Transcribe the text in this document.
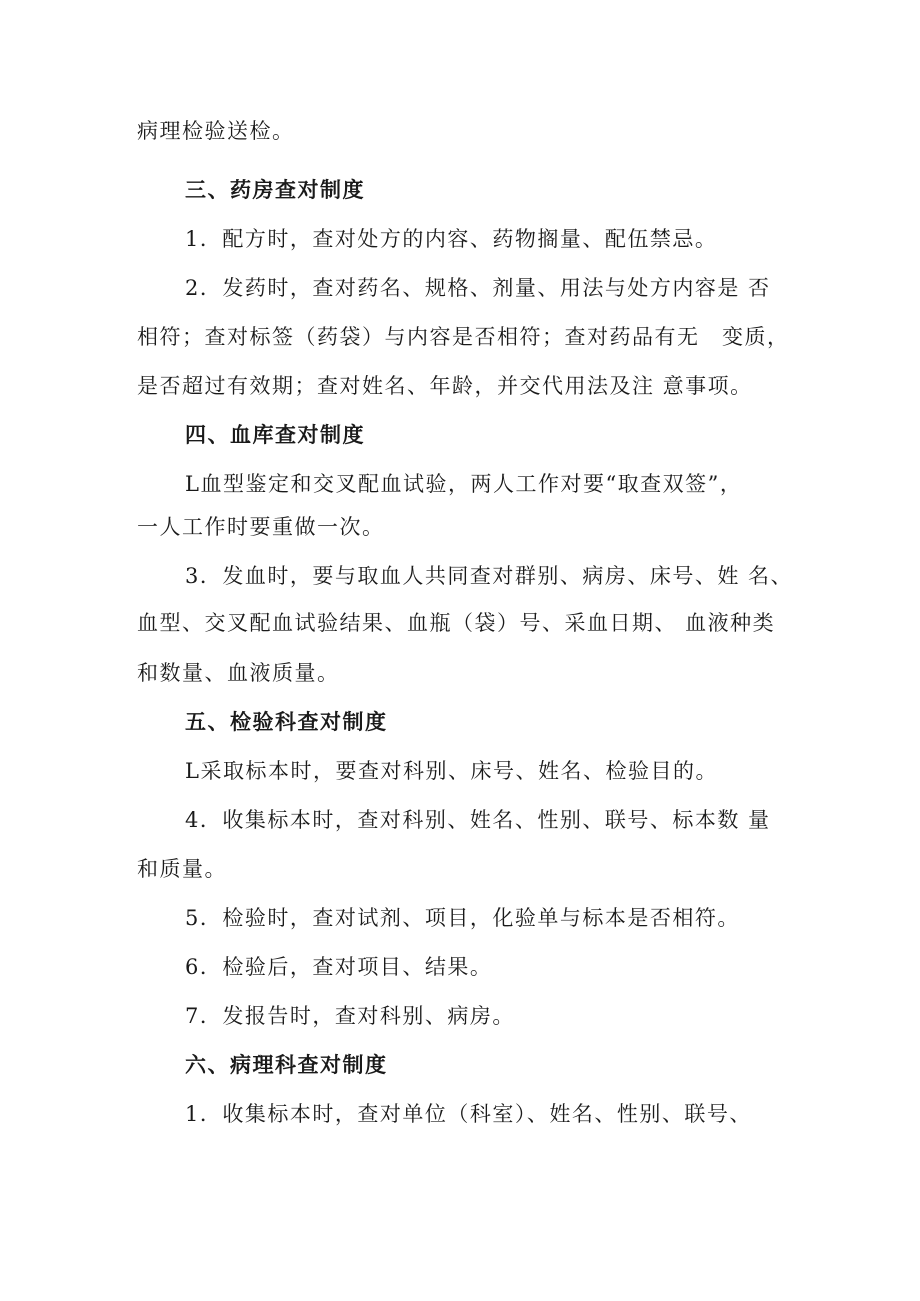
病理检验送检。
三、药房查对制度
1．配方时，查对处方的内容、药物搁量、配伍禁忌。
2．发药时，查对药名、规格、剂量、用法与处方内容是 否
相符；查对标签（药袋）与内容是否相符；查对药品有无　变质，
是否超过有效期；查对姓名、年龄，并交代用法及注 意事项。
四、血库查对制度
L血型鉴定和交叉配血试验，两人工作对要“取查双签”，
一人工作时要重做一次。
3．发血时，要与取血人共同查对群别、病房、床号、姓 名、
血型、交叉配血试验结果、血瓶（袋）号、采血日期、 血液种类
和数量、血液质量。
五、检验科查对制度
L采取标本时，要查对科别、床号、姓名、检验目的。
4．收集标本时，查对科别、姓名、性别、联号、标本数 量
和质量。
5．检验时，查对试剂、项目，化验单与标本是否相符。
6．检验后，查对项目、结果。
7．发报告时，查对科别、病房。
六、病理科查对制度
1．收集标本时，查对单位（科室）、姓名、性别、联号、
